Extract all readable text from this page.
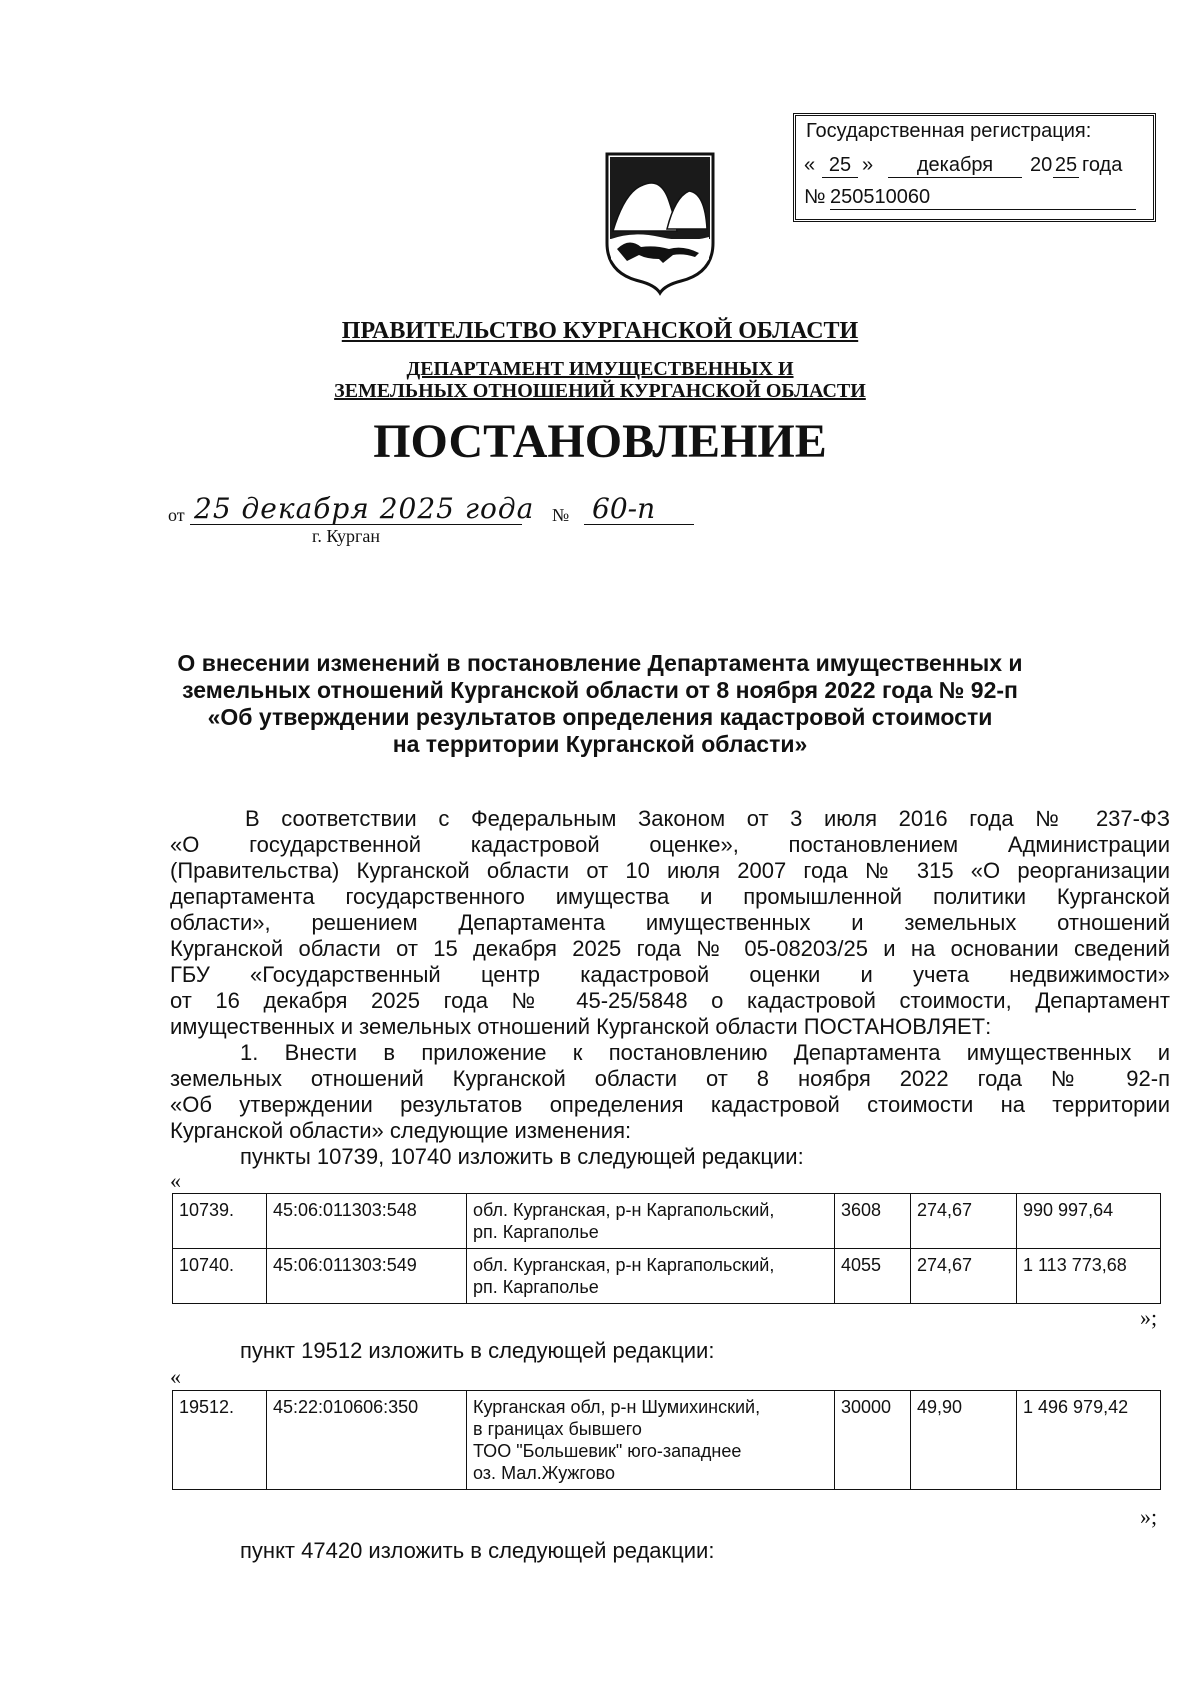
Государственная регистрация:
« 25 »	декабря	20 25 года
№ 250510060
ПРАВИТЕЛЬСТВО КУРГАНСКОЙ ОБЛАСТИ
ДЕПАРТАМЕНТ ИМУЩЕСТВЕННЫХ И
ЗЕМЕЛЬНЫХ ОТНОШЕНИЙ КУРГАНСКОЙ ОБЛАСТИ
ПОСТАНОВЛЕНИЕ
от 25 декабря 2025 года № 60-п
г. Курган
О внесении изменений в постановление Департамента имущественных и
земельных отношений Курганской области от 8 ноября 2022 года № 92-п
«Об утверждении результатов определения кадастровой стоимости
на территории Курганской области»
В соответствии с Федеральным Законом от 3 июля 2016 года № 237-ФЗ
«О государственной кадастровой оценке», постановлением Администрации
(Правительства) Курганской области от 10 июля 2007 года № 315 «О реорганизации
департамента государственного имущества и промышленной политики Курганской
области», решением Департамента имущественных и земельных отношений
Курганской области от 15 декабря 2025 года № 05-08203/25 и на основании сведений
ГБУ «Государственный центр кадастровой оценки и учета недвижимости»
от 16 декабря 2025 года № 45-25/5848 о кадастровой стоимости, Департамент
имущественных и земельных отношений Курганской области ПОСТАНОВЛЯЕТ:
1. Внести в приложение к постановлению Департамента имущественных и
земельных отношений Курганской области от 8 ноября 2022 года № 92-п
«Об утверждении результатов определения кадастровой стоимости на территории
Курганской области» следующие изменения:
пункты 10739, 10740 изложить в следующей редакции:
«
10739.	45:06:011303:548	обл. Курганская, р-н Каргапольский,
рп. Каргаполье	3608	274,67	990 997,64
10740.	45:06:011303:549	обл. Курганская, р-н Каргапольский,
рп. Каргаполье	4055	274,67	1 113 773,68
»;
пункт 19512 изложить в следующей редакции:
«
19512.	45:22:010606:350	Курганская обл, р-н Шумихинский,
в границах бывшего
ТОО "Большевик" юго-западнее
оз. Мал.Жужгово
	30000	49,90	1 496 979,42
»;
пункт 47420 изложить в следующей редакции:
